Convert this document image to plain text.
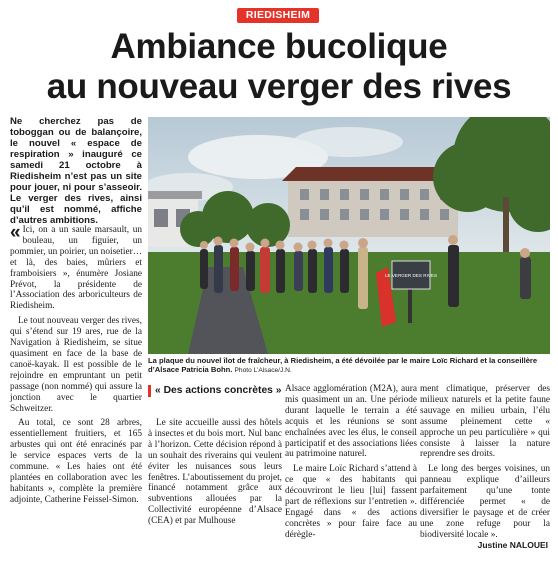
RIEDISHEIM
Ambiance bucolique
au nouveau verger des rives

Ne cherchez pas de toboggan ou de balançoire, le nouvel « espace de respiration » inauguré ce samedi 21 octobre à Riedisheim n’est pas un site pour jouer, ni pour s’asseoir. Le verger des rives, ainsi qu’il est nommé, affiche d’autres ambitions.

« Ici, on a un saule marsault, un bouleau, un figuier, un pommier, un poirier, un noisetier… et là, des baies, mûriers et framboisiers », énumère Josiane Prévot, la présidente de l’Association des arboriculteurs de Riedisheim.

Le tout nouveau verger des rives, qui s’étend sur 19 ares, rue de la Navigation à Riedisheim, se situe quasiment en face de la base de canoë-kayak. Il est possible de le rejoindre en empruntant un petit passage (non nommé) qui assure la jonction avec le quartier Schweitzer.

Au total, ce sont 28 arbres, essentiellement fruitiers, et 165 arbustes qui ont été enracinés par le service espaces verts de la commune. « Les haies ont été plantées en collaboration avec les habitants », complète la première adjointe, Catherine Feissel-Simon.

LE VERGER DES RIVES
La plaque du nouvel îlot de fraîcheur, à Riedisheim, a été dévoilée par le maire Loïc Richard et la conseillère d’Alsace Patricia Bohn. Photo L’Alsace/J.N.
« Des actions concrètes »

Le site accueille aussi des hôtels à insectes et du bois mort. Nul banc à l’horizon. Cette décision répond à un souhait des riverains qui veulent éviter les nuisances sous leurs fenêtres. L’aboutissement du projet, financé notamment grâce aux subventions allouées par la Collectivité européenne d’Alsace (CEA) et par Mulhouse

Alsace agglomération (M2A), aura mis quasiment un an. Une période durant laquelle le terrain a été acquis et les réunions se sont enchaînées avec les élus, le conseil participatif et des associations liées au patrimoine naturel.

Le maire Loïc Richard s’attend à ce que « des habitants qui découvriront le lieu [lui] fassent part de réflexions sur l’entretien ». Engagé dans « des actions concrètes » pour faire face au dérègle-

ment climatique, préserver des milieux naturels et la petite faune sauvage en milieu urbain, l’élu assume pleinement cette « approche un peu particulière » qui consiste à laisser la nature reprendre ses droits.

Le long des berges voisines, un panneau explique d’ailleurs parfaitement qu’une tonte différenciée permet « de diversifier le paysage et de créer une zone refuge pour la biodiversité locale ».

Justine NALOUEI
